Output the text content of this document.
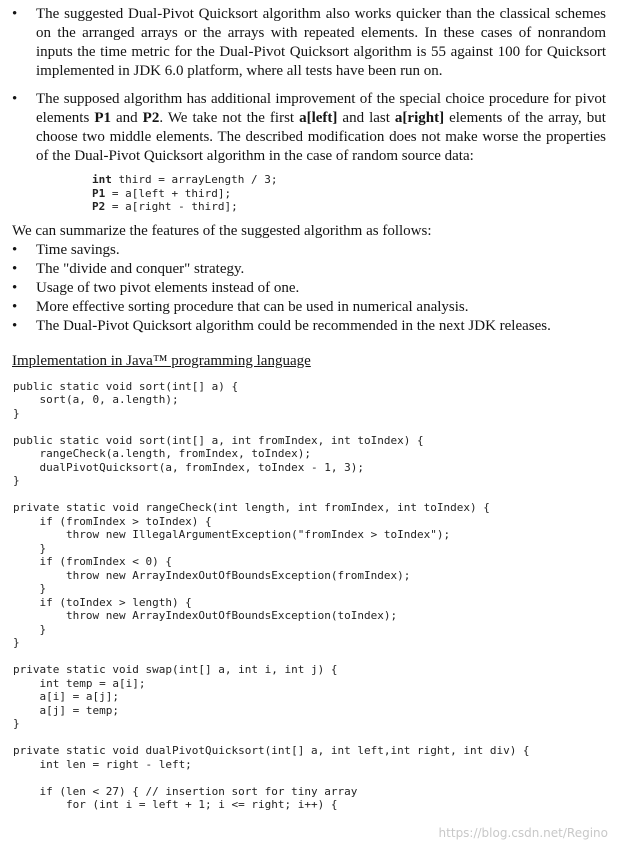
• The suggested Dual-Pivot Quicksort algorithm also works quicker than the classical schemes on the arranged arrays or the arrays with repeated elements. In these cases of nonrandom inputs the time metric for the Dual-Pivot Quicksort algorithm is 55 against 100 for Quicksort implemented in JDK 6.0 platform, where all tests have been run on.
• The supposed algorithm has additional improvement of the special choice procedure for pivot elements P1 and P2. We take not the first a[left] and last a[right] elements of the array, but choose two middle elements. The described modification does not make worse the properties of the Dual-Pivot Quicksort algorithm in the case of random source data:
int third = arrayLength / 3;
P1 = a[left + third];
P2 = a[right - third];

We can summarize the features of the suggested algorithm as follows:

• Time savings.
• The "divide and conquer" strategy.
• Usage of two pivot elements instead of one.
• More effective sorting procedure that can be used in numerical analysis.
• The Dual-Pivot Quicksort algorithm could be recommended in the next JDK releases.
Implementation in Java™ programming language
public static void sort(int[] a) {
sort(a, 0, a.length);
}

public static void sort(int[] a, int fromIndex, int toIndex) {
rangeCheck(a.length, fromIndex, toIndex);
dualPivotQuicksort(a, fromIndex, toIndex - 1, 3);
}

private static void rangeCheck(int length, int fromIndex, int toIndex) {
if (fromIndex > toIndex) {
throw new IllegalArgumentException("fromIndex > toIndex");
}
if (fromIndex < 0) {
throw new ArrayIndexOutOfBoundsException(fromIndex);
}
if (toIndex > length) {
throw new ArrayIndexOutOfBoundsException(toIndex);
}
}

private static void swap(int[] a, int i, int j) {
int temp = a[i];
a[i] = a[j];
a[j] = temp;
}

private static void dualPivotQuicksort(int[] a, int left,int right, int div) {
int len = right - left;

if (len < 27) { // insertion sort for tiny array
for (int i = left + 1; i <= right; i++) {
https://blog.csdn.net/Regino
